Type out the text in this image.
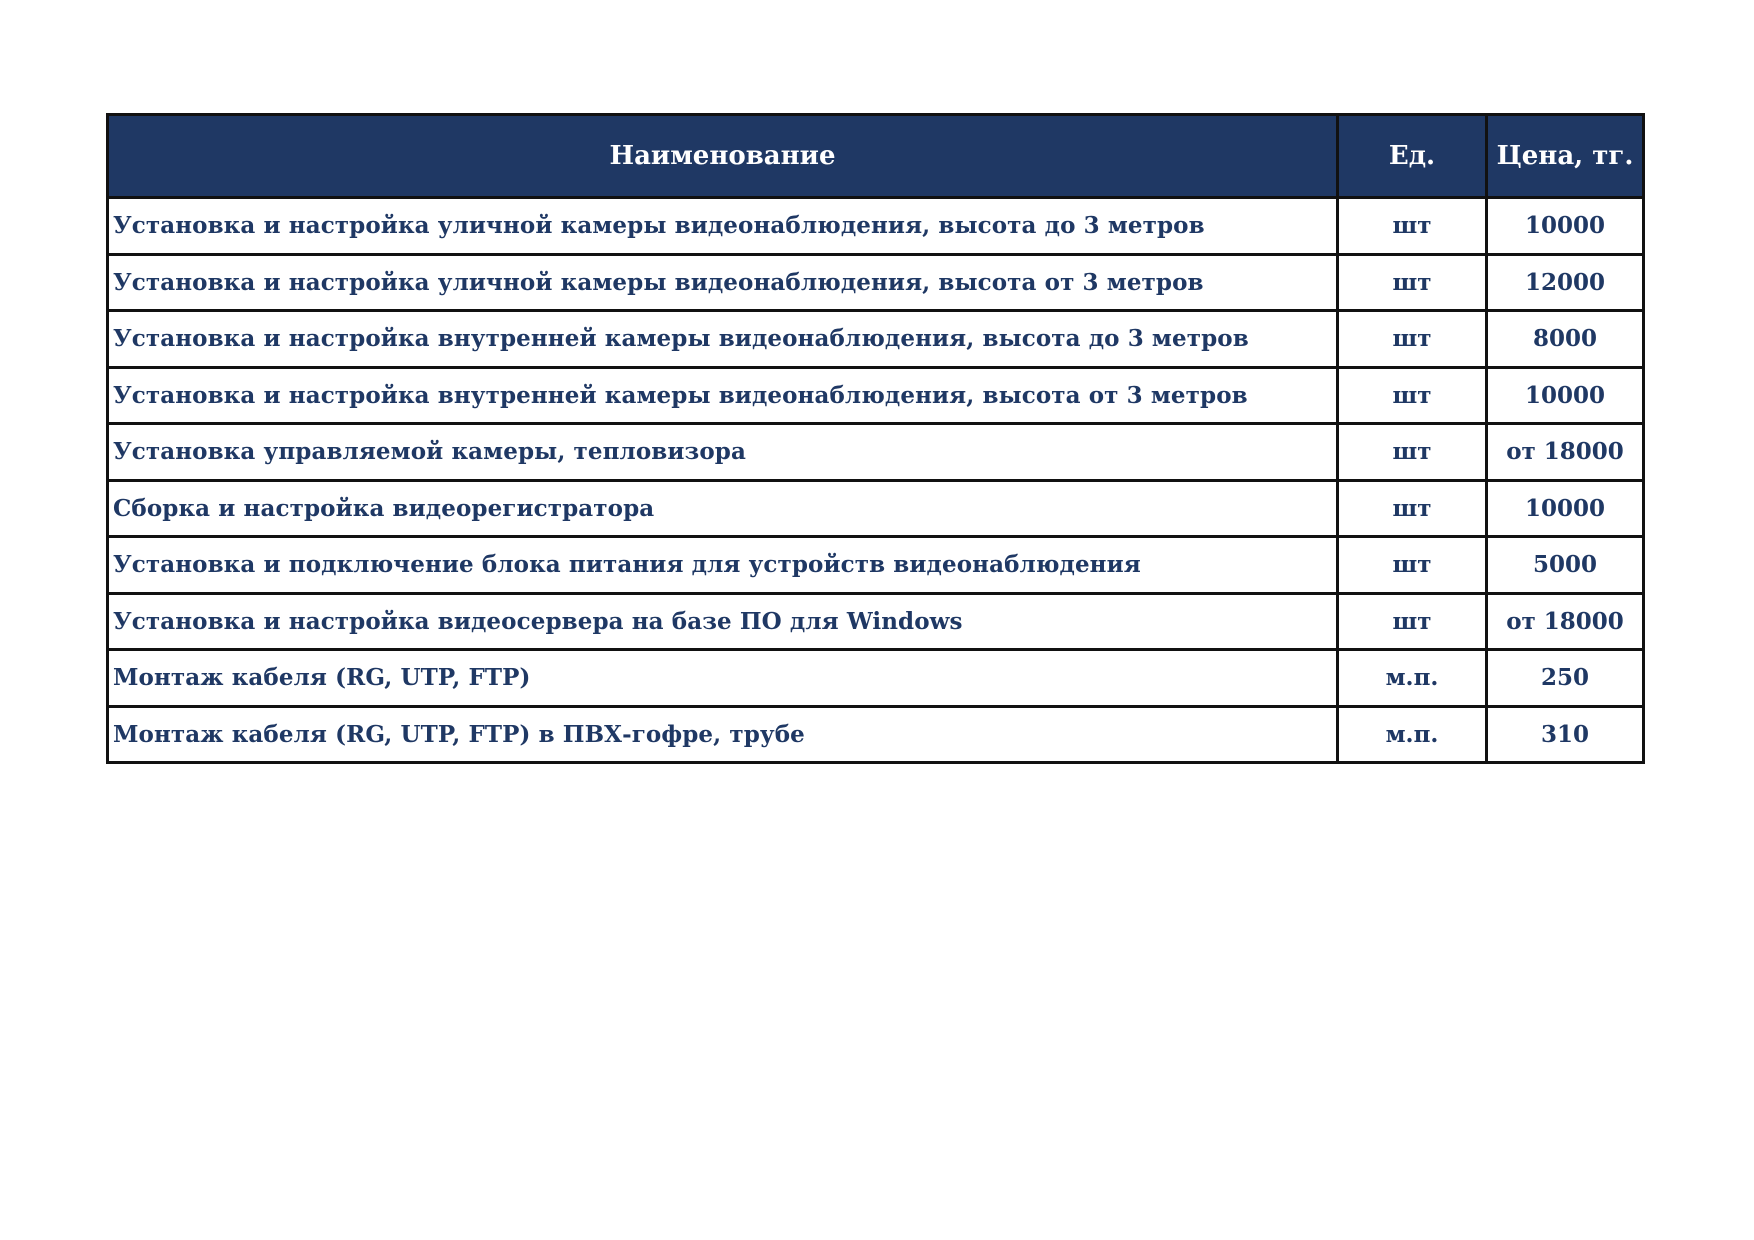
Наименование	Ед.	Цена, тг.
Установка и настройка уличной камеры видеонаблюдения, высота до 3 метров	шт	10000
Установка и настройка уличной камеры видеонаблюдения, высота от 3 метров	шт	12000
Установка и настройка внутренней камеры видеонаблюдения, высота до 3 метров	шт	8000
Установка и настройка внутренней камеры видеонаблюдения, высота от 3 метров	шт	10000
Установка управляемой камеры, тепловизора	шт	от 18000
Сборка и настройка видеорегистратора	шт	10000
Установка и подключение блока питания для устройств видеонаблюдения	шт	5000
Установка и настройка видеосервера на базе ПО для Windows	шт	от 18000
Монтаж кабеля (RG, UTP, FTP)	м.п.	250
Монтаж кабеля (RG, UTP, FTP) в ПВХ-гофре, трубе	м.п.	310
